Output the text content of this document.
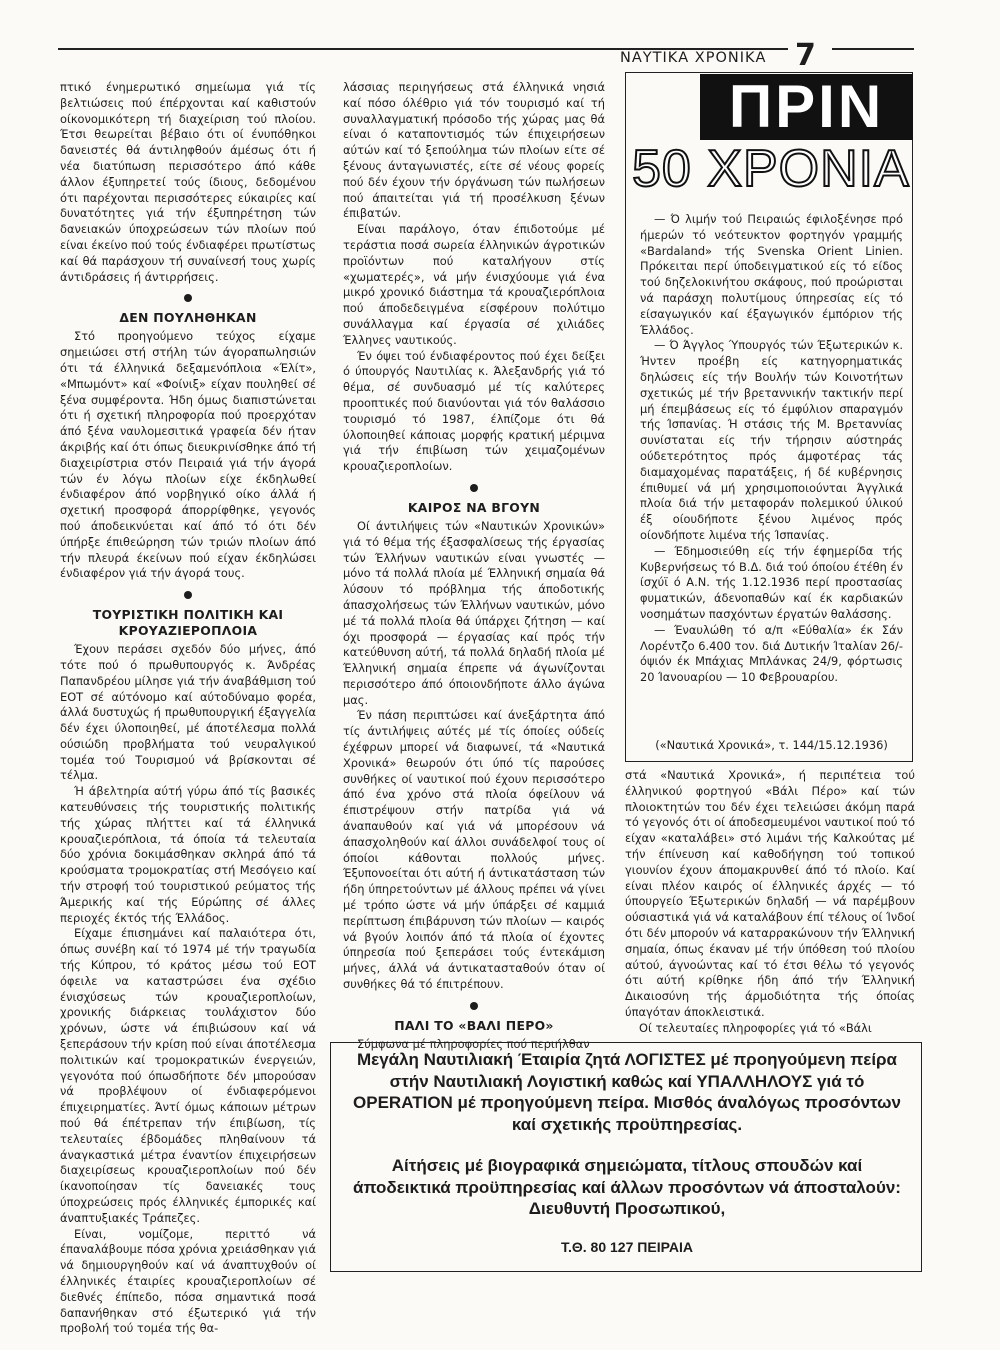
ΝΑΥΤΙΚΑ ΧΡΟΝΙΚΑ 7

πτικό ένημερωτικό σημείωμα γιά τίς βελτιώσεις πού έπέρχονται καί καθιστούν οίκονομικότερη τή διαχείριση τού πλοίου. Έτσι θεωρείται βέβαιο ότι οί ένυπόθηκοι δανειστές θά άντιληφθούν άμέσως ότι ή νέα διατύπωση περισσότερο άπό κάθε άλλον έξυπηρετεί τούς ίδιους, δεδομένου ότι παρέχονται περισσότερες εύκαιρίες καί δυνατότητες γιά τήν έξυπηρέτηση τών δανειακών ύποχρεώσεων τών πλοίων πού είναι έκείνο πού τούς ένδιαφέρει πρωτίστως καί θά παράσχουν τή συναίνεσή τους χωρίς άντιδράσεις ή άντιρρήσεις.

ΔΕΝ ΠΟΥΛΗΘΗΚΑΝ

Στό προηγούμενο τεύχος είχαμε σημειώσει στή στήλη τών άγοραπωλησιών ότι τά έλληνικά δεξαμενόπλοια «Έλίτ», «Μπωμόντ» καί «Φοίνιξ» είχαν πουληθεί σέ ξένα συμφέροντα. Ήδη όμως διαπιστώνεται ότι ή σχετική πληροφορία πού προερχόταν άπό ξένα ναυλομεσιτικά γραφεία δέν ήταν άκριβής καί ότι όπως διευκρινίσθηκε άπό τή διαχειρίστρια στόν Πειραιά γιά τήν άγορά τών έν λόγω πλοίων είχε έκδηλωθεί ένδιαφέρον άπό νορβηγικό οίκο άλλά ή σχετική προσφορά άπορρίφθηκε, γεγονός πού άποδεικνύεται καί άπό τό ότι δέν ύπήρξε έπιθεώρηση τών τριών πλοίων άπό τήν πλευρά έκείνων πού είχαν έκδηλώσει ένδιαφέρον γιά τήν άγορά τους.

ΤΟΥΡΙΣΤΙΚΗ ΠΟΛΙΤΙΚΗ ΚΑΙ ΚΡΟΥΑΖΙΕΡΟΠΛΟΙΑ

Έχουν περάσει σχεδόν δύο μήνες, άπό τότε πού ό πρωθυπουργός κ. Άνδρέας Παπανδρέου μίλησε γιά τήν άναβάθμιση τού ΕΟΤ σέ αύτόνομο καί αύτοδύναμο φορέα, άλλά δυστυχώς ή πρωθυπουργική έξαγγελία δέν έχει ύλοποιηθεί, μέ άποτέλεσμα πολλά ούσιώδη προβλήματα τού νευραλγικού τομέα τού Τουρισμού νά βρίσκονται σέ τέλμα.

Ή άβελτηρία αύτή γύρω άπό τίς βασικές κατευθύνσεις τής τουριστικής πολιτικής τής χώρας πλήττει καί τά έλληνικά κρουαζιερόπλοια, τά όποία τά τελευταία δύο χρόνια δοκιμάσθηκαν σκληρά άπό τά κρούσματα τρομοκρατίας στή Μεσόγειο καί τήν στροφή τού τουριστικού ρεύματος τής Άμερικής καί τής Εύρώπης σέ άλλες περιοχές έκτός τής Έλλάδος.

Είχαμε έπισημάνει καί παλαιότερα ότι, όπως συνέβη καί τό 1974 μέ τήν τραγωδία τής Κύπρου, τό κράτος μέσω τού ΕΟΤ όφειλε να καταστρώσει ένα σχέδιο ένισχύσεως τών κρουαζιεροπλοίων, χρονικής διάρκειας τουλάχιστον δύο χρόνων, ώστε νά έπιβιώσουν καί νά ξεπεράσουν τήν κρίση πού είναι άποτέλεσμα πολιτικών καί τρομοκρατικών ένεργειών, γεγονότα πού όπωσδήποτε δέν μπορούσαν νά προβλέψουν οί ένδιαφερόμενοι έπιχειρηματίες. Άντί όμως κάποιων μέτρων πού θά έπέτρεπαν τήν έπιβίωση, τίς τελευταίες έβδομάδες πληθαίνουν τά άναγκαστικά μέτρα έναντίον έπιχειρήσεων διαχειρίσεως κρουαζιεροπλοίων πού δέν ίκανοποίησαν τίς δανειακές τους ύποχρεώσεις πρός έλληνικές έμπορικές καί άναπτυξιακές Τράπεζες.

Είναι, νομίζομε, περιττό νά έπαναλάβουμε πόσα χρόνια χρειάσθηκαν γιά νά δημιουργηθούν καί νά άναπτυχθούν οί έλληνικές έταιρίες κρουαζιεροπλοίων σέ διεθνές έπίπεδο, πόσα σημαντικά ποσά δαπανήθηκαν στό έξωτερικό γιά τήν προβολή τού τομέα τής θα-

λάσσιας περιηγήσεως στά έλληνικά νησιά καί πόσο όλέθριο γιά τόν τουρισμό καί τή συναλλαγματική πρόσοδο τής χώρας μας θά είναι ό καταποντισμός τών έπιχειρήσεων αύτών καί τό ξεπούλημα τών πλοίων είτε σέ ξένους άνταγωνιστές, είτε σέ νέους φορείς πού δέν έχουν τήν όργάνωση τών πωλήσεων πού άπαιτείται γιά τή προσέλκυση ξένων έπιβατών.

Είναι παράλογο, όταν έπιδοτούμε μέ τεράστια ποσά σωρεία έλληνικών άγροτικών προϊόντων πού καταλήγουν στίς «χωματερές», νά μήν ένισχύουμε γιά ένα μικρό χρονικό διάστημα τά κρουαζιερόπλοια πού άποδεδειγμένα είσφέρουν πολύτιμο συνάλλαγμα καί έργασία σέ χιλιάδες Έλληνες ναυτικούς.

Έν όψει τού ένδιαφέροντος πού έχει δείξει ό ύπουργός Ναυτιλίας κ. Άλεξανδρής γιά τό θέμα, σέ συνδυασμό μέ τίς καλύτερες προοπτικές πού διανύονται γιά τόν θαλάσσιο τουρισμό τό 1987, έλπίζομε ότι θά ύλοποιηθεί κάποιας μορφής κρατική μέριμνα γιά τήν έπιβίωση τών χειμαζομένων κρουαζιεροπλοίων.

ΚΑΙΡΟΣ ΝΑ ΒΓΟΥΝ

Οί άντιλήψεις τών «Ναυτικών Χρονικών» γιά τό θέμα τής έξασφαλίσεως τής έργασίας τών Έλλήνων ναυτικών είναι γνωστές — μόνο τά πολλά πλοία μέ Έλληνική σημαία θά λύσουν τό πρόβλημα τής άποδοτικής άπασχολήσεως τών Έλλήνων ναυτικών, μόνο μέ τά πολλά πλοία θά ύπάρχει ζήτηση — καί όχι προσφορά — έργασίας καί πρός τήν κατεύθυνση αύτή, τά πολλά δηλαδή πλοία μέ Έλληνική σημαία έπρεπε νά άγωνίζονται περισσότερο άπό όποιονδήποτε άλλο άγώνα μας.

Έν πάση περιπτώσει καί άνεξάρτητα άπό τίς άντιλήψεις αύτές μέ τίς όποίες ούδείς έχέφρων μπορεί νά διαφωνεί, τά «Ναυτικά Χρονικά» θεωρούν ότι ύπό τίς παρούσες συνθήκες οί ναυτικοί πού έχουν περισσότερο άπό ένα χρόνο στά πλοία όφείλουν νά έπιστρέψουν στήν πατρίδα γιά νά άναπαυθούν καί γιά νά μπορέσουν νά άπασχοληθούν καί άλλοι συνάδελφοί τους οί όποίοι κάθονται πολλούς μήνες. Έξυπονοείται ότι αύτή ή άντικατάσταση τών ήδη ύπηρετούντων μέ άλλους πρέπει νά γίνει μέ τρόπο ώστε νά μήν ύπάρξει σέ καμμιά περίπτωση έπιβάρυνση τών πλοίων — καιρός νά βγούν λοιπόν άπό τά πλοία οί έχοντες ύπηρεσία πού ξεπεράσει τούς έντεκάμιση μήνες, άλλά νά άντικατασταθούν όταν οί συνθήκες θά τό έπιτρέπουν.

ΠΑΛΙ ΤΟ «ΒΑΛΙ ΠΕΡΟ»

Σύμφωνα μέ πληροφορίες πού περιήλθαν

ΠΡΙΝ
50 ΧΡΟΝΙΑ

— Ό λιμήν τού Πειραιώς έφιλοξένησε πρό ήμερών τό νεότευκτον φορτηγόν γραμμής «Bardaland» τής Svenska Orient Linien. Πρόκειται περί ύποδειγματικού είς τό είδος τού δηζελοκινήτου σκάφους, πού προώρισται νά παράσχη πολυτίμους ύπηρεσίας είς τό είσαγωγικόν καί έξαγωγικόν έμπόριον τής Έλλάδος.

— Ό Άγγλος Ύπουργός τών Έξωτερικών κ. Ήντεν προέβη είς κατηγορηματικάς δηλώσεις είς τήν Βουλήν τών Κοινοτήτων σχετικώς μέ τήν βρεταννικήν τακτικήν περί μή έπεμβάσεως είς τό έμφύλιον σπαραγμόν τής Ίσπανίας. Ή στάσις τής Μ. Βρεταννίας συνίσταται είς τήν τήρησιν αύστηράς ούδετερότητος πρός άμφοτέρας τάς διαμαχομένας παρατάξεις, ή δέ κυβέρνησις έπιθυμεί νά μή χρησιμοποιούνται Άγγλικά πλοία διά τήν μεταφοράν πολεμικού ύλικού έξ οίουδήποτε ξένου λιμένος πρός οίονδήποτε λιμένα τής Ίσπανίας.

— Έδημοσιεύθη είς τήν έφημερίδα τής Κυβερνήσεως τό Β.Δ. διά τού όποίου έτέθη έν ίσχύϊ ό Α.Ν. τής 1.12.1936 περί προστασίας φυματικών, άδενοπαθών καί έκ καρδιακών νοσημάτων πασχόντων έργατών θαλάσσης.

— Έναυλώθη τό α/π «Εύθαλία» έκ Σάν Λορέντζο 6.400 τον. διά Δυτικήν Ίταλίαν 26/- όψιόν έκ Μπάχιας Μπλάνκας 24/9, φόρτωσις 20 Ίανουαρίου — 10 Φεβρουαρίου.

(«Ναυτικά Χρονικά», τ. 144/15.12.1936)

στά «Ναυτικά Χρονικά», ή περιπέτεια τού έλληνικού φορτηγού «Βάλι Πέρο» καί τών πλοιοκτητών του δέν έχει τελειώσει άκόμη παρά τό γεγονός ότι οί άποδεσμευμένοι ναυτικοί πού τό είχαν «καταλάβει» στό λιμάνι τής Καλκούτας μέ τήν έπίνευση καί καθοδήγηση τού τοπικού γιουνίον έχουν άπομακρυνθεί άπό τό πλοίο. Καί είναι πλέον καιρός οί έλληνικές άρχές — τό ύπουργείο Έξωτερικών δηλαδή — νά παρέμβουν ούσιαστικά γιά νά καταλάβουν έπί τέλους οί Ίνδοί ότι δέν μπορούν νά καταρρακώνουν τήν Έλληνική σημαία, όπως έκαναν μέ τήν ύπόθεση τού πλοίου αύτού, άγνοώντας καί τό έτσι θέλω τό γεγονός ότι αύτή κρίθηκε ήδη άπό τήν Έλληνική Δικαιοσύνη τής άρμοδιότητα τής όποίας ύπαγόταν άποκλειστικά.

Οί τελευταίες πληροφορίες γιά τό «Βάλι

Μεγάλη Ναυτιλιακή Έταιρία ζητά ΛΟΓΙΣΤΕΣ μέ προηγούμενη πείρα στήν Ναυτιλιακή Λογιστική καθώς καί ΥΠΑΛΛΗΛΟΥΣ γιά τό OPERATION μέ προηγούμενη πείρα. Μισθός άναλόγως προσόντων καί σχετικής προϋπηρεσίας.
Αίτήσεις μέ βιογραφικά σημειώματα, τίτλους σπουδών καί άποδεικτικά προϋπηρεσίας καί άλλων προσόντων νά άποσταλούν: Διευθυντή Προσωπικού,
Τ.Θ. 80 127 ΠΕΙΡΑΙΑ
